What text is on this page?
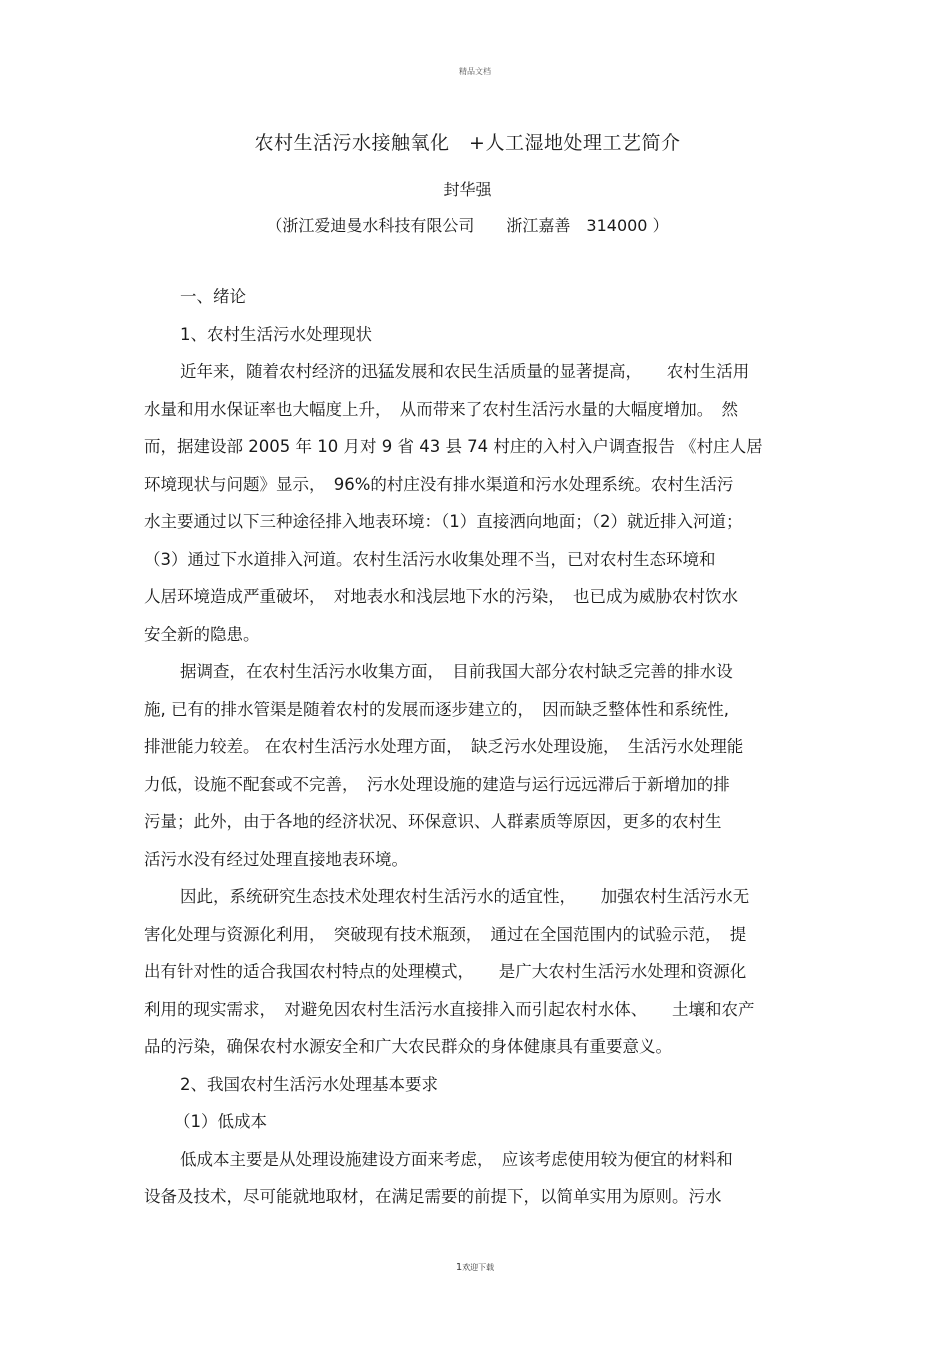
精品文档
农村生活污水接触氧化　+人工湿地处理工艺简介
封华强
（浙江爱迪曼水科技有限公司　　浙江嘉善　314000 ）
一、绪论
1、农村生活污水处理现状
近年来，随着农村经济的迅猛发展和农民生活质量的显著提高，　　农村生活用
水量和用水保证率也大幅度上升，　从而带来了农村生活污水量的大幅度增加。　然
而，据建设部 2005 年 10 月对 9 省 43 县 74 村庄的入村入户调查报告 《村庄人居
环境现状与问题》显示，　96%的村庄没有排水渠道和污水处理系统。农村生活污
水主要通过以下三种途径排入地表环境：（1）直接洒向地面；（2）就近排入河道；
（3）通过下水道排入河道。农村生活污水收集处理不当，已对农村生态环境和
人居环境造成严重破坏，　对地表水和浅层地下水的污染，　也已成为威胁农村饮水
安全新的隐患。
据调查，在农村生活污水收集方面，　目前我国大部分农村缺乏完善的排水设
施, 已有的排水管渠是随着农村的发展而逐步建立的，　因而缺乏整体性和系统性,
排泄能力较差。 在农村生活污水处理方面，　缺乏污水处理设施，　生活污水处理能
力低，设施不配套或不完善，　污水处理设施的建造与运行远远滞后于新增加的排
污量；此外，由于各地的经济状况、环保意识、人群素质等原因，更多的农村生
活污水没有经过处理直接地表环境。
因此，系统研究生态技术处理农村生活污水的适宜性，　　加强农村生活污水无
害化处理与资源化利用，　突破现有技术瓶颈，　通过在全国范围内的试验示范，　提
出有针对性的适合我国农村特点的处理模式，　　是广大农村生活污水处理和资源化
利用的现实需求，　对避免因农村生活污水直接排入而引起农村水体、　　土壤和农产
品的污染，确保农村水源安全和广大农民群众的身体健康具有重要意义。
2、我国农村生活污水处理基本要求
（1）低成本
低成本主要是从处理设施建设方面来考虑，　应该考虑使用较为便宜的材料和
设备及技术，尽可能就地取材，在满足需要的前提下，以简单实用为原则。污水
1欢迎下载
